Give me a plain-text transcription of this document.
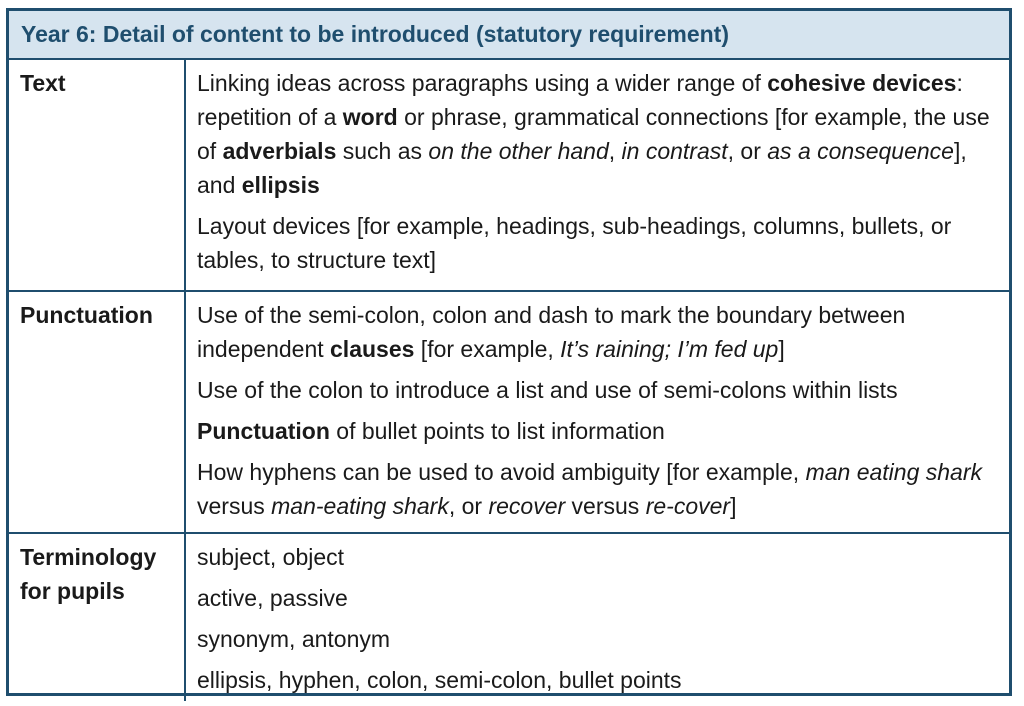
Year 6: Detail of content to be introduced (statutory requirement)
Text	Linking ideas across paragraphs using a wider range of cohesive devices: repetition of a word or phrase, grammatical connections [for example, the use of adverbials such as on the other hand, in contrast, or as a consequence], and ellipsis
Layout devices [for example, headings, sub-headings, columns, bullets, or tables, to structure text]

Punctuation	Use of the semi-colon, colon and dash to mark the boundary between independent clauses [for example, It’s raining; I’m fed up]
Use of the colon to introduce a list and use of semi-colons within lists
Punctuation of bullet points to list information
How hyphens can be used to avoid ambiguity [for example, man eating shark versus man-eating shark, or recover versus re-cover]

Terminology for pupils	subject, object
active, passive
synonym, antonym
ellipsis, hyphen, colon, semi-colon, bullet points
